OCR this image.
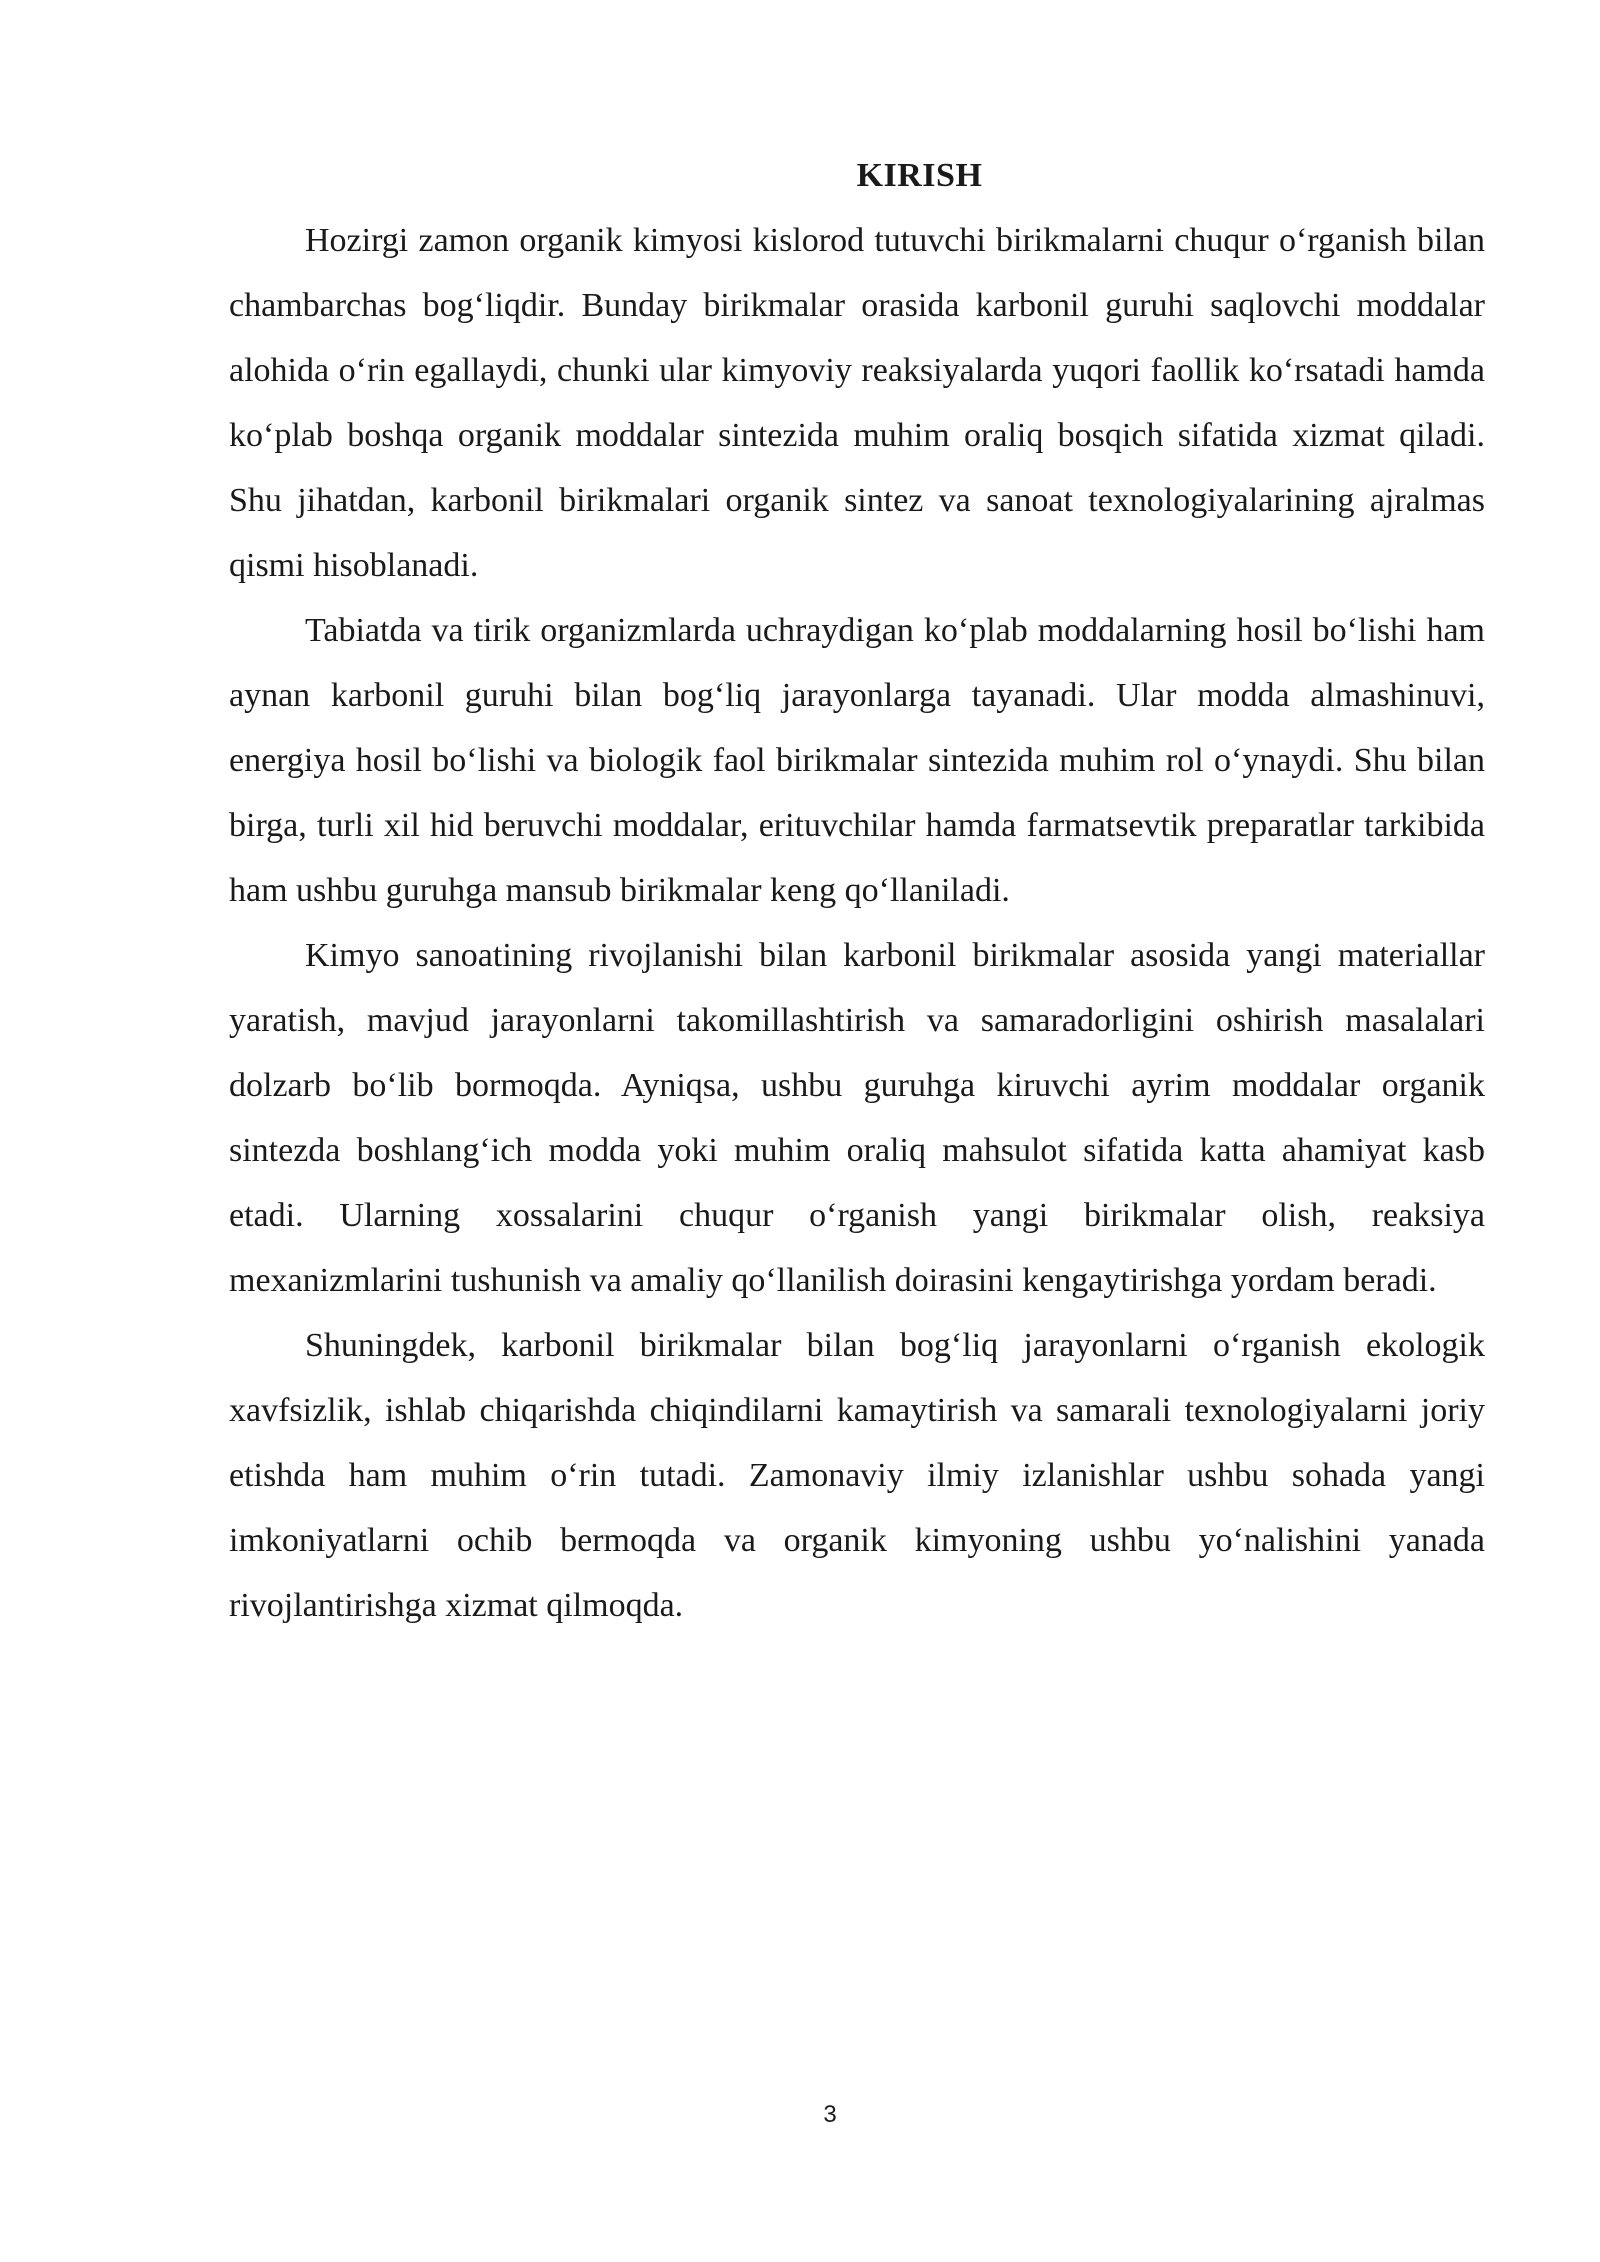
KIRISH

Hozirgi zamon organik kimyosi kislorod tutuvchi birikmalarni chuqur o‘rganish bilan chambarchas bog‘liqdir. Bunday birikmalar orasida karbonil guruhi saqlovchi moddalar alohida o‘rin egallaydi, chunki ular kimyoviy reaksiyalarda yuqori faollik ko‘rsatadi hamda ko‘plab boshqa organik moddalar sintezida muhim oraliq bosqich sifatida xizmat qiladi. Shu jihatdan, karbonil birikmalari organik sintez va sanoat texnologiyalarining ajralmas qismi hisoblanadi.

Tabiatda va tirik organizmlarda uchraydigan ko‘plab moddalarning hosil bo‘lishi ham aynan karbonil guruhi bilan bog‘liq jarayonlarga tayanadi. Ular modda almashinuvi, energiya hosil bo‘lishi va biologik faol birikmalar sintezida muhim rol o‘ynaydi. Shu bilan birga, turli xil hid beruvchi moddalar, erituvchilar hamda farmatsevtik preparatlar tarkibida ham ushbu guruhga mansub birikmalar keng qo‘llaniladi.

Kimyo sanoatining rivojlanishi bilan karbonil birikmalar asosida yangi materiallar yaratish, mavjud jarayonlarni takomillashtirish va samaradorligini oshirish masalalari dolzarb bo‘lib bormoqda. Ayniqsa, ushbu guruhga kiruvchi ayrim moddalar organik sintezda boshlang‘ich modda yoki muhim oraliq mahsulot sifatida katta ahamiyat kasb etadi. Ularning xossalarini chuqur o‘rganish yangi birikmalar olish, reaksiya mexanizmlarini tushunish va amaliy qo‘llanilish doirasini kengaytirishga yordam beradi.

Shuningdek, karbonil birikmalar bilan bog‘liq jarayonlarni o‘rganish ekologik xavfsizlik, ishlab chiqarishda chiqindilarni kamaytirish va samarali texnologiyalarni joriy etishda ham muhim o‘rin tutadi. Zamonaviy ilmiy izlanishlar ushbu sohada yangi imkoniyatlarni ochib bermoqda va organik kimyoning ushbu yo‘nalishini yanada rivojlantirishga xizmat qilmoqda.

3
